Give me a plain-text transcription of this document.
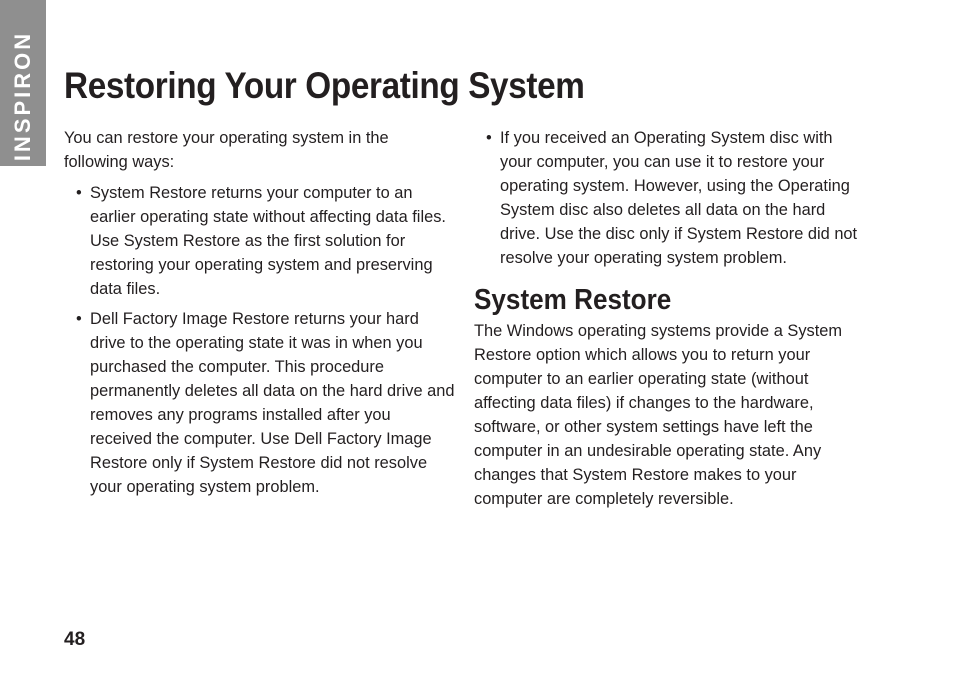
INSPIRON Restoring Your Operating System

You can restore your operating system in the following ways:

• System Restore returns your computer to an earlier operating state without affecting data files. Use System Restore as the first solution for restoring your operating system and preserving data files.
• Dell Factory Image Restore returns your hard drive to the operating state it was in when you purchased the computer. This procedure permanently deletes all data on the hard drive and removes any programs installed after you received the computer. Use Dell Factory Image Restore only if System Restore did not resolve your operating system problem.
• If you received an Operating System disc with your computer, you can use it to restore your operating system. However, using the Operating System disc also deletes all data on the hard drive. Use the disc only if System Restore did not resolve your operating system problem.
System Restore

The Windows operating systems provide a System Restore option which allows you to return your computer to an earlier operating state (without affecting data files) if changes to the hardware, software, or other system settings have left the computer in an undesirable operating state. Any changes that System Restore makes to your computer are completely reversible.

48
